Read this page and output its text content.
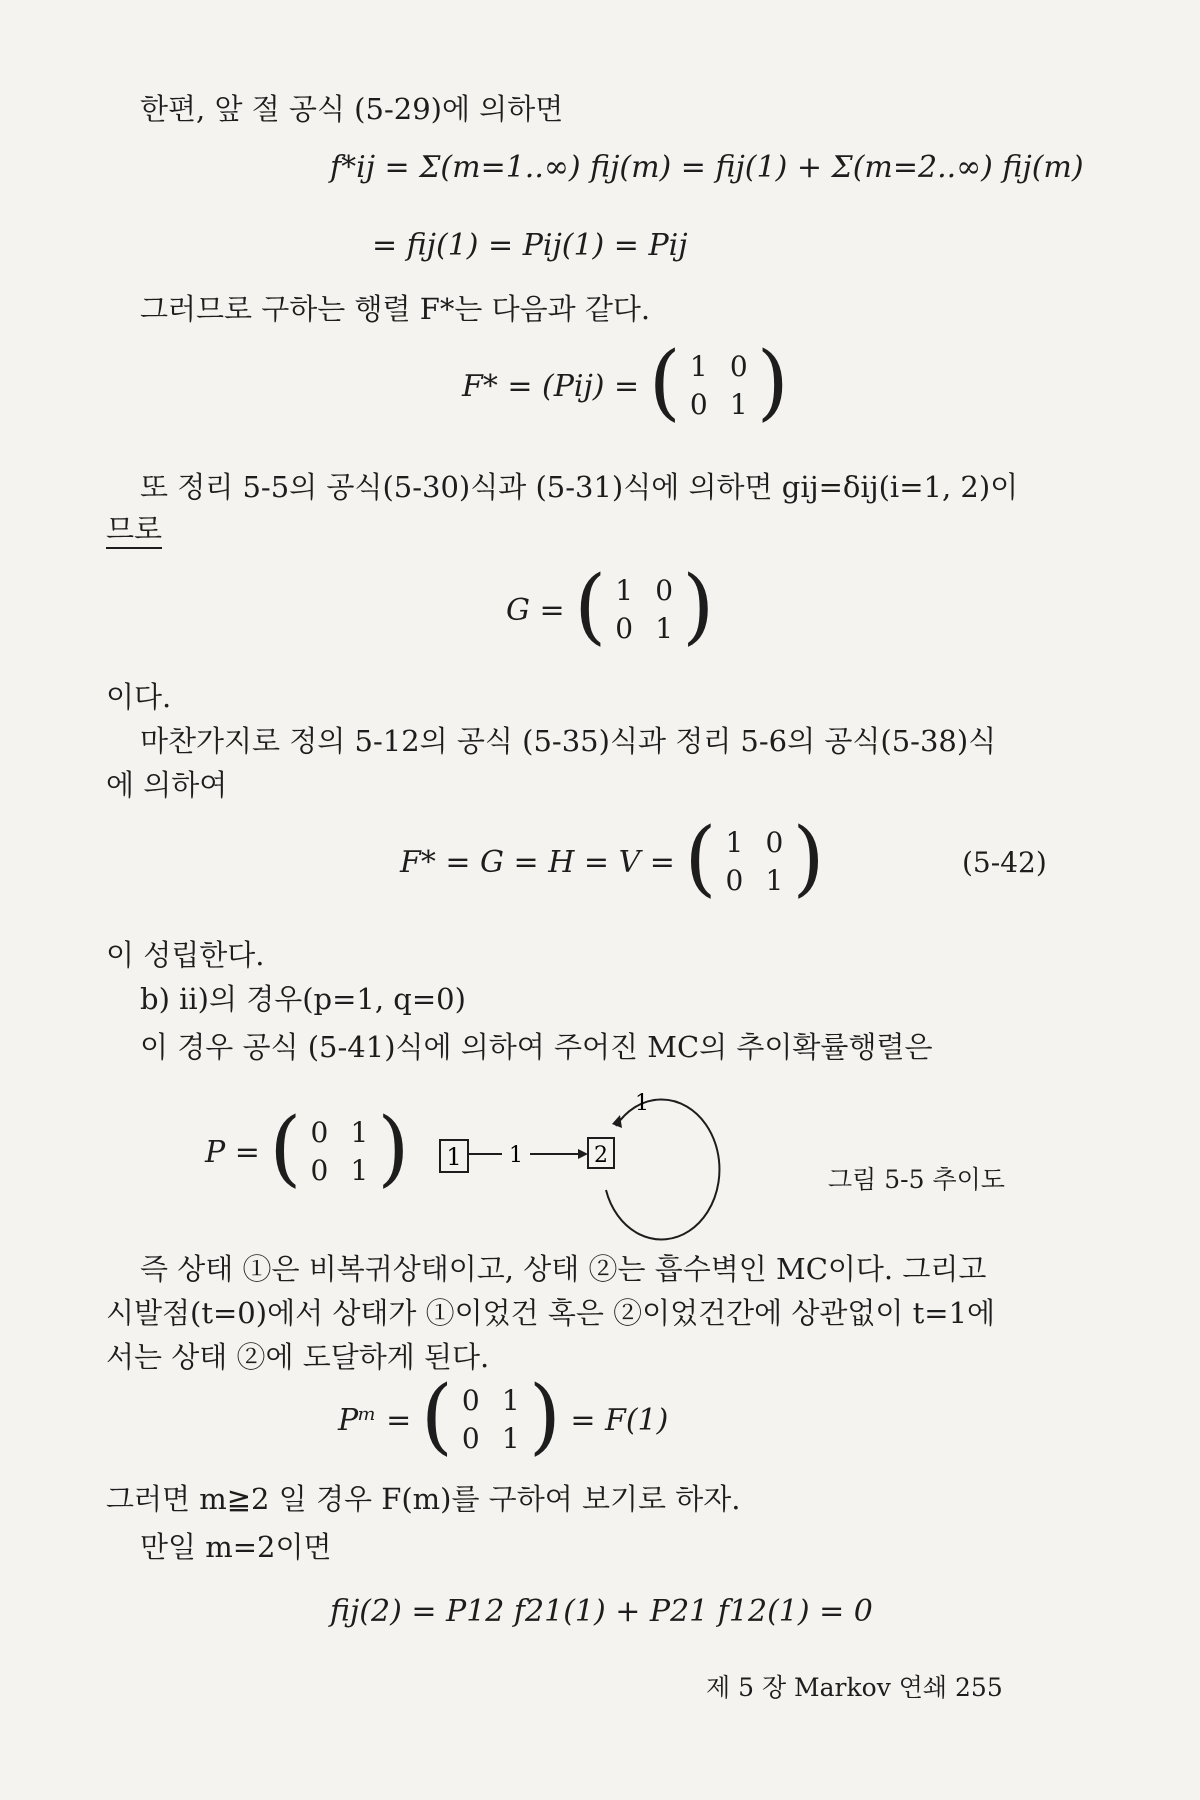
한편, 앞 절 공식 (5-29)에 의하면
f*ij = Σ(m=1..∞) fij(m) = fij(1) + Σ(m=2..∞) fij(m)
= fij(1) = Pij(1) = Pij
그러므로 구하는 행렬 F*는 다음과 같다.
F* = (Pij) = ( 1 0
0 1 )
또 정리 5-5의 공식(5-30)식과 (5-31)식에 의하면 gij=δij(i=1, 2)이
므로
G = ( 1 0
0 1 )
이다.
마찬가지로 정의 5-12의 공식 (5-35)식과 정리 5-6의 공식(5-38)식
에 의하여
F* = G = H = V = ( 1 0
0 1 )	(5-42)
이 성립한다.
b) ii)의 경우(p=1, q=0)
이 경우 공식 (5-41)식에 의하여 주어진 MC의 추이확률행렬은
P = ( 0 1
0 1 ) 1 1	2
1
그림 5-5 추이도
즉 상태 ①은 비복귀상태이고, 상태 ②는 흡수벽인 MC이다. 그리고
시발점(t=0)에서 상태가 ①이었건 혹은 ②이었건간에 상관없이 t=1에
서는 상태 ②에 도달하게 된다.
Pᵐ = ( 0 1
0 1 ) = F(1)
그러면 m≧2 일 경우 F(m)를 구하여 보기로 하자.
만일 m=2이면
fij(2) = P12 f21(1) + P21 f12(1) = 0
제 5 장 Markov 연쇄 255
